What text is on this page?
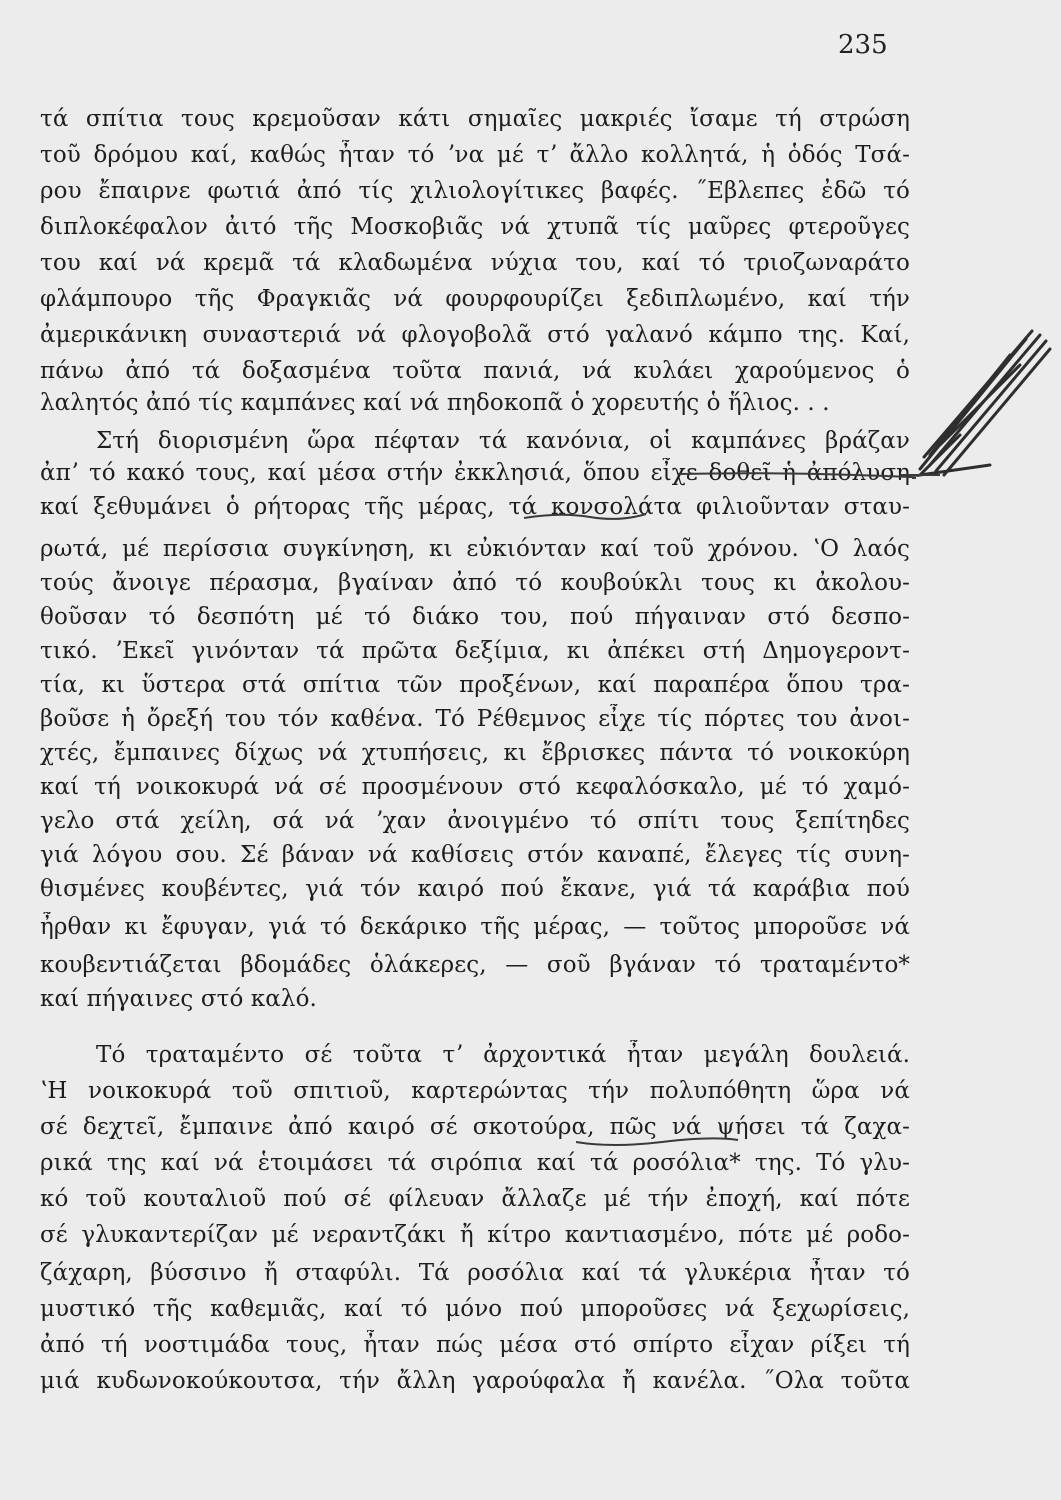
235
τά σπίτια τους κρεμοῦσαν κάτι σημαῖες μακριές ἴσαμε τή στρώση
τοῦ δρόμου καί, καθώς ἦταν τό ʼνα μέ τʼ ἄλλο κολλητά, ἡ ὁδός Τσά-
ρου ἔπαιρνε φωτιά ἀπό τίς χιλιολογίτικες βαφές. ˝Εβλεπες ἐδῶ τό
διπλοκέφαλον ἀιτό τῆς Μοσκοβιᾶς νά χτυπᾶ τίς μαῦρες φτεροῦγες
του καί νά κρεμᾶ τά κλαδωμένα νύχια του, καί τό τριοζωναράτο
φλάμπουρο τῆς Φραγκιᾶς νά φουρφουρίζει ξεδιπλωμένο, καί τήν
ἀμερικάνικη συναστεριά νά φλογοβολᾶ στό γαλανό κάμπο της. Καί,
πάνω ἀπό τά δοξασμένα τοῦτα πανιά, νά κυλάει χαρούμενος ὁ
λαλητός ἀπό τίς καμπάνες καί νά πηδοκοπᾶ ὁ χορευτής ὁ ἥλιος. . .
Στή διορισμένη ὥρα πέφταν τά κανόνια, οἱ καμπάνες βράζαν
ἀπʼ τό κακό τους, καί μέσα στήν ἐκκλησιά, ὅπου εἶχε δοθεῖ ἡ ἀπόλυση
καί ξεθυμάνει ὁ ρήτορας τῆς μέρας, τά κονσολάτα φιλιοῦνταν σταυ-
ρωτά, μέ περίσσια συγκίνηση, κι εὐκιόνταν καί τοῦ χρόνου. ʽΟ λαός
τούς ἄνοιγε πέρασμα, βγαίναν ἀπό τό κουβούκλι τους κι ἀκολου-
θοῦσαν τό δεσπότη μέ τό διάκο του, πού πήγαιναν στό δεσπο-
τικό. ʼΕκεῖ γινόνταν τά πρῶτα δεξίμια, κι ἀπέκει στή Δημογεροντ-
τία, κι ὕστερα στά σπίτια τῶν προξένων, καί παραπέρα ὅπου τρα-
βοῦσε ἡ ὄρεξή του τόν καθένα. Τό Ρέθεμνος εἶχε τίς πόρτες του ἀνοι-
χτές, ἔμπαινες δίχως νά χτυπήσεις, κι ἔβρισκες πάντα τό νοικοκύρη
καί τή νοικοκυρά νά σέ προσμένουν στό κεφαλόσκαλο, μέ τό χαμό-
γελο στά χείλη, σά νά ʼχαν ἀνοιγμένο τό σπίτι τους ξεπίτηδες
γιά λόγου σου. Σέ βάναν νά καθίσεις στόν καναπέ, ἔλεγες τίς συνη-
θισμένες κουβέντες, γιά τόν καιρό πού ἔκανε, γιά τά καράβια πού
ἦρθαν κι ἔφυγαν, γιά τό δεκάρικο τῆς μέρας, — τοῦτος μποροῦσε νά
κουβεντιάζεται βδομάδες ὁλάκερες, — σοῦ βγάναν τό τραταμέντο*
καί πήγαινες στό καλό.
Τό τραταμέντο σέ τοῦτα τʼ ἀρχοντικά ἦταν μεγάλη δουλειά.
ʽΗ νοικοκυρά τοῦ σπιτιοῦ, καρτερώντας τήν πολυπόθητη ὥρα νά
σέ δεχτεῖ, ἔμπαινε ἀπό καιρό σέ σκοτούρα, πῶς νά ψήσει τά ζαχα-
ρικά της καί νά ἑτοιμάσει τά σιρόπια καί τά ροσόλια* της. Τό γλυ-
κό τοῦ κουταλιοῦ πού σέ φίλευαν ἄλλαζε μέ τήν ἐποχή, καί πότε
σέ γλυκαντερίζαν μέ νεραντζάκι ἤ κίτρο καντιασμένο, πότε μέ ροδο-
ζάχαρη, βύσσινο ἤ σταφύλι. Τά ροσόλια καί τά γλυκέρια ἦταν τό
μυστικό τῆς καθεμιᾶς, καί τό μόνο πού μποροῦσες νά ξεχωρίσεις,
ἀπό τή νοστιμάδα τους, ἦταν πώς μέσα στό σπίρτο εἶχαν ρίξει τή
μιά κυδωνοκούκουτσα, τήν ἄλλη γαρούφαλα ἤ κανέλα. ˝Ολα τοῦτα
